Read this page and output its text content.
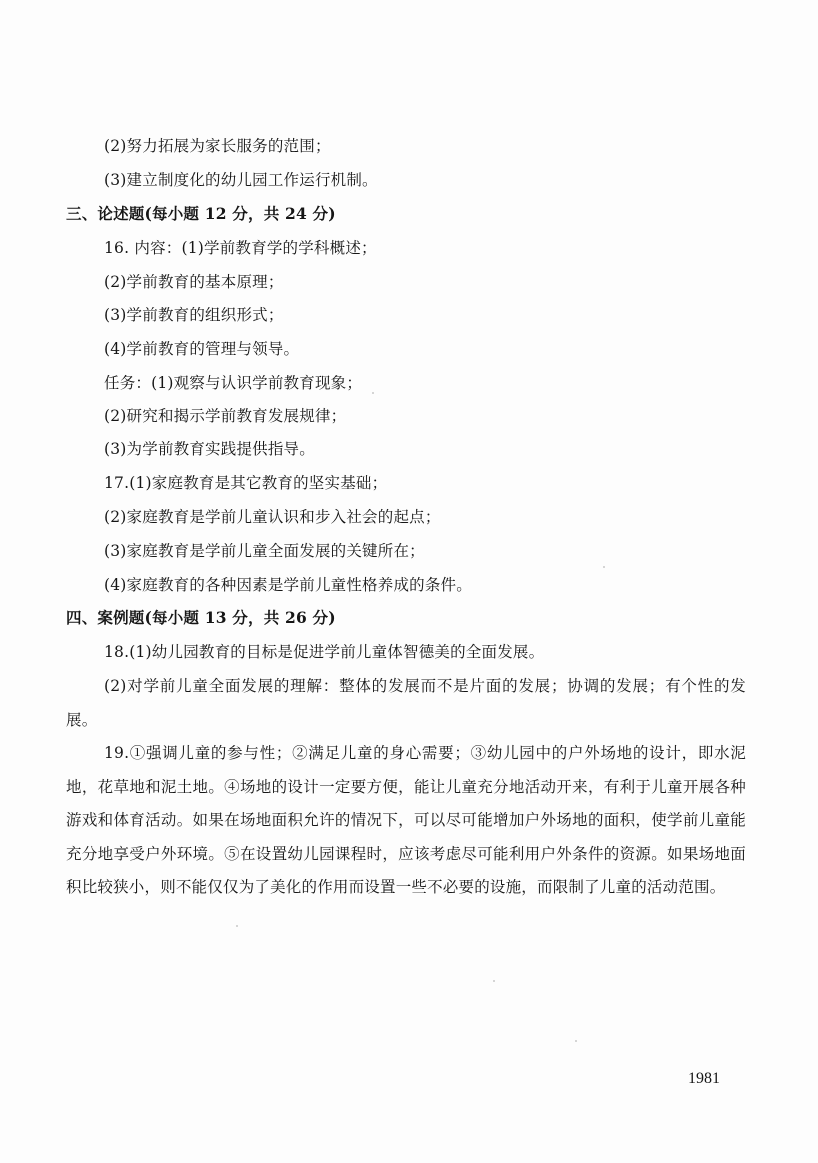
(2)努力拓展为家长服务的范围；
(3)建立制度化的幼儿园工作运行机制。
三、论述题(每小题 12 分，共 24 分)
16. 内容：(1)学前教育学的学科概述；
(2)学前教育的基本原理；
(3)学前教育的组织形式；
(4)学前教育的管理与领导。
任务：(1)观察与认识学前教育现象；
(2)研究和揭示学前教育发展规律；
(3)为学前教育实践提供指导。
17.(1)家庭教育是其它教育的坚实基础；
(2)家庭教育是学前儿童认识和步入社会的起点；
(3)家庭教育是学前儿童全面发展的关键所在；
(4)家庭教育的各种因素是学前儿童性格养成的条件。
四、案例题(每小题 13 分，共 26 分)
18.(1)幼儿园教育的目标是促进学前儿童体智德美的全面发展。
(2)对学前儿童全面发展的理解：整体的发展而不是片面的发展；协调的发展；有个性的发展。
19.①强调儿童的参与性；②满足儿童的身心需要；③幼儿园中的户外场地的设计，即水泥地，花草地和泥土地。④场地的设计一定要方便，能让儿童充分地活动开来，有利于儿童开展各种游戏和体育活动。如果在场地面积允许的情况下，可以尽可能增加户外场地的面积，使学前儿童能充分地享受户外环境。⑤在设置幼儿园课程时，应该考虑尽可能利用户外条件的资源。如果场地面积比较狭小，则不能仅仅为了美化的作用而设置一些不必要的设施，而限制了儿童的活动范围。
1981
